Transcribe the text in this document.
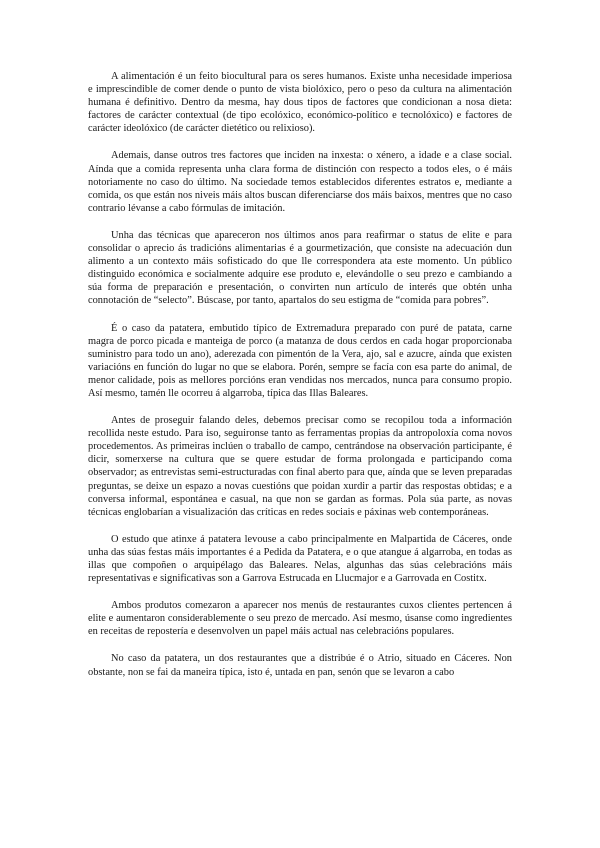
A alimentación é un feito biocultural para os seres humanos. Existe unha necesidade imperiosa e imprescindible de comer dende o punto de vista biolóxico, pero o peso da cultura na alimentación humana é definitivo. Dentro da mesma, hay dous tipos de factores que condicionan a nosa dieta: factores de carácter contextual (de tipo ecolóxico, económico-político e tecnolóxico) e factores de carácter ideolóxico (de carácter dietético ou relixioso).

Ademais, danse outros tres factores que inciden na inxesta: o xénero, a idade e a clase social. Aínda que a comida representa unha clara forma de distinción con respecto a todos eles, o é máis notoriamente no caso do último. Na sociedade temos establecidos diferentes estratos e, mediante a comida, os que están nos niveis máis altos buscan diferenciarse dos máis baixos, mentres que no caso contrario lévanse a cabo fórmulas de imitación.

Unha das técnicas que apareceron nos últimos anos para reafirmar o status de elite e para consolidar o aprecio ás tradicións alimentarias é a gourmetización, que consiste na adecuación dun alimento a un contexto máis sofisticado do que lle correspondera ata este momento. Un público distinguido económica e socialmente adquire ese produto e, elevándolle o seu prezo e cambiando a súa forma de preparación e presentación, o convirten nun artículo de interés que obtén unha connotación de “selecto”. Búscase, por tanto, apartalos do seu estigma de “comida para pobres”.

É o caso da patatera, embutido típico de Extremadura preparado con puré de patata, carne magra de porco picada e manteiga de porco (a matanza de dous cerdos en cada hogar proporcionaba suministro para todo un ano), aderezada con pimentón de la Vera, ajo, sal e azucre, aínda que existen variacións en función do lugar no que se elabora. Porén, sempre se facía con esa parte do animal, de menor calidade, pois as mellores porcións eran vendidas nos mercados, nunca para consumo propio. Así mesmo, tamén lle ocorreu á algarroba, típica das Illas Baleares.

Antes de proseguir falando deles, debemos precisar como se recopilou toda a información recollida neste estudo. Para iso, seguironse tanto as ferramentas propias da antropoloxía coma novos procedementos. As primeiras inclúen o traballo de campo, centrándose na observación participante, é dicir, somerxerse na cultura que se quere estudar de forma prolongada e participando coma observador; as entrevistas semi-estructuradas con final aberto para que, aínda que se leven preparadas preguntas, se deixe un espazo a novas cuestións que poidan xurdir a partir das respostas obtidas; e a conversa informal, espontánea e casual, na que non se gardan as formas. Pola súa parte, as novas técnicas englobarían a visualización das críticas en redes sociais e páxinas web contemporáneas.

O estudo que atinxe á patatera levouse a cabo principalmente en Malpartida de Cáceres, onde unha das súas festas máis importantes é a Pedida da Patatera, e o que atangue á algarroba, en todas as illas que compoñen o arquipélago das Baleares. Nelas, algunhas das súas celebracións máis representativas e significativas son a Garrova Estrucada en Llucmajor e a Garrovada en Costitx.

Ambos produtos comezaron a aparecer nos menús de restaurantes cuxos clientes pertencen á elite e aumentaron considerablemente o seu prezo de mercado. Así mesmo, úsanse como ingredientes en receitas de repostería e desenvolven un papel máis actual nas celebracións populares.

No caso da patatera, un dos restaurantes que a distribúe é o Atrio, situado en Cáceres. Non obstante, non se fai da maneira típica, isto é, untada en pan, senón que se levaron a cabo
